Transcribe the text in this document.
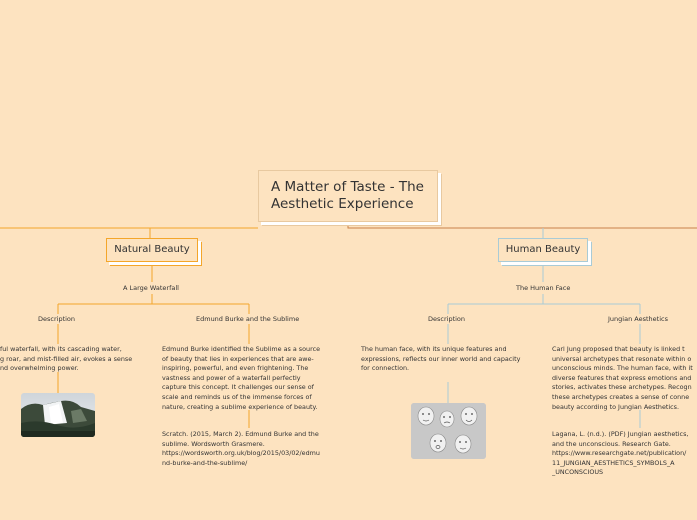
A Matter of Taste - The
Aesthetic Experience
Natural Beauty
A Large Waterfall
Description	Edmund Burke and the Sublime
ful waterfall, with its cascading water,
g roar, and mist-filled air, evokes a sense
nd overwhelming power.
Edmund Burke identified the Sublime as a source
of beauty that lies in experiences that are awe-
inspiring, powerful, and even frightening. The
vastness and power of a waterfall perfectly
capture this concept. It challenges our sense of
scale and reminds us of the immense forces of
nature, creating a sublime experience of beauty.
Scratch. (2015, March 2). Edmund Burke and the
sublime. Wordsworth Grasmere.
https://wordsworth.org.uk/blog/2015/03/02/edmu
nd-burke-and-the-sublime/
Human Beauty
The Human Face
Description	Jungian Aesthetics
The human face, with its unique features and
expressions, reflects our inner world and capacity
for connection.
Carl Jung proposed that beauty is linked t
universal archetypes that resonate within o
unconscious minds. The human face, with it
diverse features that express emotions and
stories, activates these archetypes. Recogn
these archetypes creates a sense of conne
beauty according to Jungian Aesthetics.
Lagana, L. (n.d.). (PDF) Jungian aesthetics,
and the unconscious. Research Gate.
https://www.researchgate.net/publication/
11_JUNGIAN_AESTHETICS_SYMBOLS_A
_UNCONSCIOUS
